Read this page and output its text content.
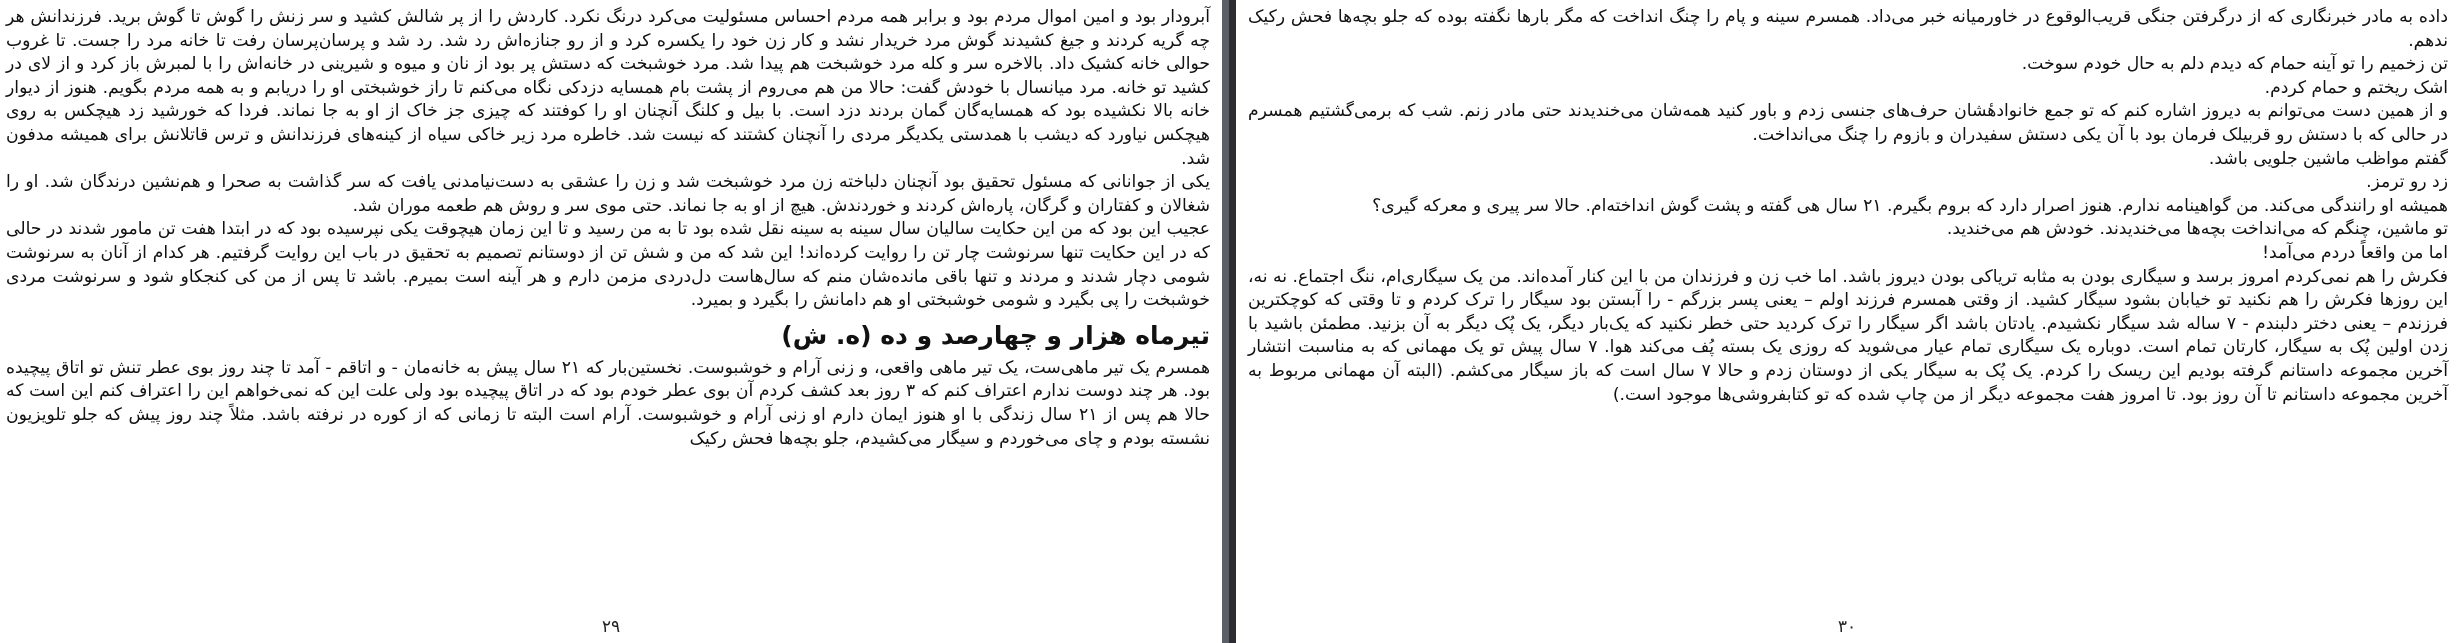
آبرودار بود و امین اموال مردم بود و برابر همه مردم احساس مسئولیت می‌کرد درنگ نکرد. کاردش را از پر شالش کشید و سر زنش را گوش تا گوش برید. فرزندانش هر چه گریه کردند و جیغ کشیدند گوش مرد خریدار نشد و کار زن خود را یکسره کرد و از رو جنازه‌اش رد شد. رد شد و پرسان‌پرسان رفت تا خانه مرد را جست. تا غروب حوالی خانه کشیک داد. بالاخره سر و کله مرد خوشبخت هم پیدا شد. مرد خوشبخت که دستش پر بود از نان و میوه و شیرینی در خانه‌اش را با لمبرش باز کرد و از لای در کشید تو خانه. مرد میانسال با خودش گفت: حالا من هم می‌روم از پشت بام همسایه دزدکی نگاه می‌کنم تا راز خوشبختی او را دریابم و به همه مردم بگویم. هنوز از دیوار خانه بالا نکشیده بود که همسایه‌گان گمان بردند دزد است. با بیل و کلنگ آنچنان او را کوفتند که چیزی جز خاک از او به جا نماند. فردا که خورشید زد هیچکس به روی هیچکس نیاورد که دیشب با همدستی یکدیگر مردی را آنچنان کشتند که نیست شد. خاطره مرد زیر خاکی سیاه از کینه‌های فرزندانش و ترس قاتلانش برای همیشه مدفون شد.

یکی از جوانانی که مسئول تحقیق بود آنچنان دلباخته زن مرد خوشبخت شد و زن را عشقی به دست‌نیامدنی یافت که سر گذاشت به صحرا و هم‌نشین درندگان شد. او را شغالان و کفتاران و گرگان، پاره‌اش کردند و خوردندش. هیچ از او به جا نماند. حتی موی سر و روش هم طعمه موران شد.

عجیب این بود که من این حکایت سالیان سال سینه به سینه نقل شده بود تا به من رسید و تا این زمان هیچوقت یکی نپرسیده بود که در ابتدا هفت تن مامور شدند در حالی که در این حکایت تنها سرنوشت چار تن را روایت کرده‌اند! این شد که من و شش تن از دوستانم تصمیم به تحقیق در باب این روایت گرفتیم. هر کدام از آنان به سرنوشت شومی دچار شدند و مردند و تنها باقی مانده‌شان منم که سال‌هاست دل‌دردی مزمن دارم و هر آینه است بمیرم. باشد تا پس از من کی کنجکاو شود و سرنوشت مردی خوشبخت را پی بگیرد و شومی خوشبختی او هم دامانش را بگیرد و بمیرد.

تیرماه هزار و چهارصد و ده (ه. ش)

همسرم یک تیر ماهی‌ست، یک تیر ماهی واقعی، و زنی آرام و خوشبوست. نخستین‌بار که ۲۱ سال پیش به خانه‌مان - و اتاقم - آمد تا چند روز بوی عطر تنش تو اتاق پیچیده بود. هر چند دوست ندارم اعتراف کنم که ۳ روز بعد کشف کردم آن بوی عطر خودم بود که در اتاق پیچیده بود ولی علت این که نمی‌خواهم این را اعتراف کنم این است که حالا هم پس از ۲۱ سال زندگی با او هنوز ایمان دارم او زنی آرام و خوشبوست. آرام است البته تا زمانی که از کوره در نرفته باشد. مثلاً چند روز پیش که جلو تلویزیون نشسته بودم و چای می‌خوردم و سیگار می‌کشیدم، جلو بچه‌ها فحش رکیک

۲۹

داده به مادر خبرنگاری که از درگرفتن جنگی قریب‌الوقوع در خاورمیانه خبر می‌داد. همسرم سینه و پام را چنگ انداخت که مگر بارها نگفته بوده که جلو بچه‌ها فحش رکیک ندهم.

تن زخمیم را تو آینه حمام که دیدم دلم به حال خودم سوخت.

اشک ریختم و حمام کردم.

و از همین دست می‌توانم به دیروز اشاره کنم که تو جمع خانوادهٔشان حرف‌های جنسی زدم و باور کنید همه‌شان می‌خندیدند حتی مادر زنم. شب که برمی‌گشتیم همسرم در حالی که با دستش رو قربیلک فرمان بود با آن یکی دستش سفیدران و بازوم را چنگ می‌انداخت.

گفتم مواظب ماشین جلویی باشد.

زد رو ترمز.

همیشه او رانندگی می‌کند. من گواهینامه ندارم. هنوز اصرار دارد که بروم بگیرم. ۲۱ سال هی گفته و پشت گوش انداخته‌ام. حالا سر پیری و معرکه گیری؟

تو ماشین، چنگم که می‌انداخت بچه‌ها می‌خندیدند. خودش هم می‌خندید.

اما من واقعاً دردم می‌آمد!

فکرش را هم نمی‌کردم امروز برسد و سیگاری بودن به مثابه تریاکی بودن دیروز باشد. اما خب زن و فرزندان من با این کنار آمده‌اند. من یک سیگاری‌ام، ننگ اجتماع. نه نه، این روزها فکرش را هم نکنید تو خیابان بشود سیگار کشید. از وقتی همسرم فرزند اولم – یعنی پسر بزرگم - را آبستن بود سیگار را ترک کردم و تا وقتی که کوچکترین فرزندم – یعنی دختر دلبندم - ۷ ساله شد سیگار نکشیدم. یادتان باشد اگر سیگار را ترک کردید حتی خطر نکنید که یک‌بار دیگر، یک پُک دیگر به آن بزنید. مطمئن باشید با زدن اولین پُک به سیگار، کارتان تمام است. دوباره یک سیگاری تمام عیار می‌شوید که روزی یک بسته پُف می‌کند هوا. ۷ سال پیش تو یک مهمانی که به مناسبت انتشار آخرین مجموعه داستانم گرفته بودیم این ریسک را کردم. یک پُک به سیگار یکی از دوستان زدم و حالا ۷ سال است که باز سیگار می‌کشم. (البته آن مهمانی مربوط به آخرین مجموعه داستانم تا آن روز بود. تا امروز هفت مجموعه دیگر از من چاپ شده که تو کتابفروشی‌ها موجود است.)

۳۰
